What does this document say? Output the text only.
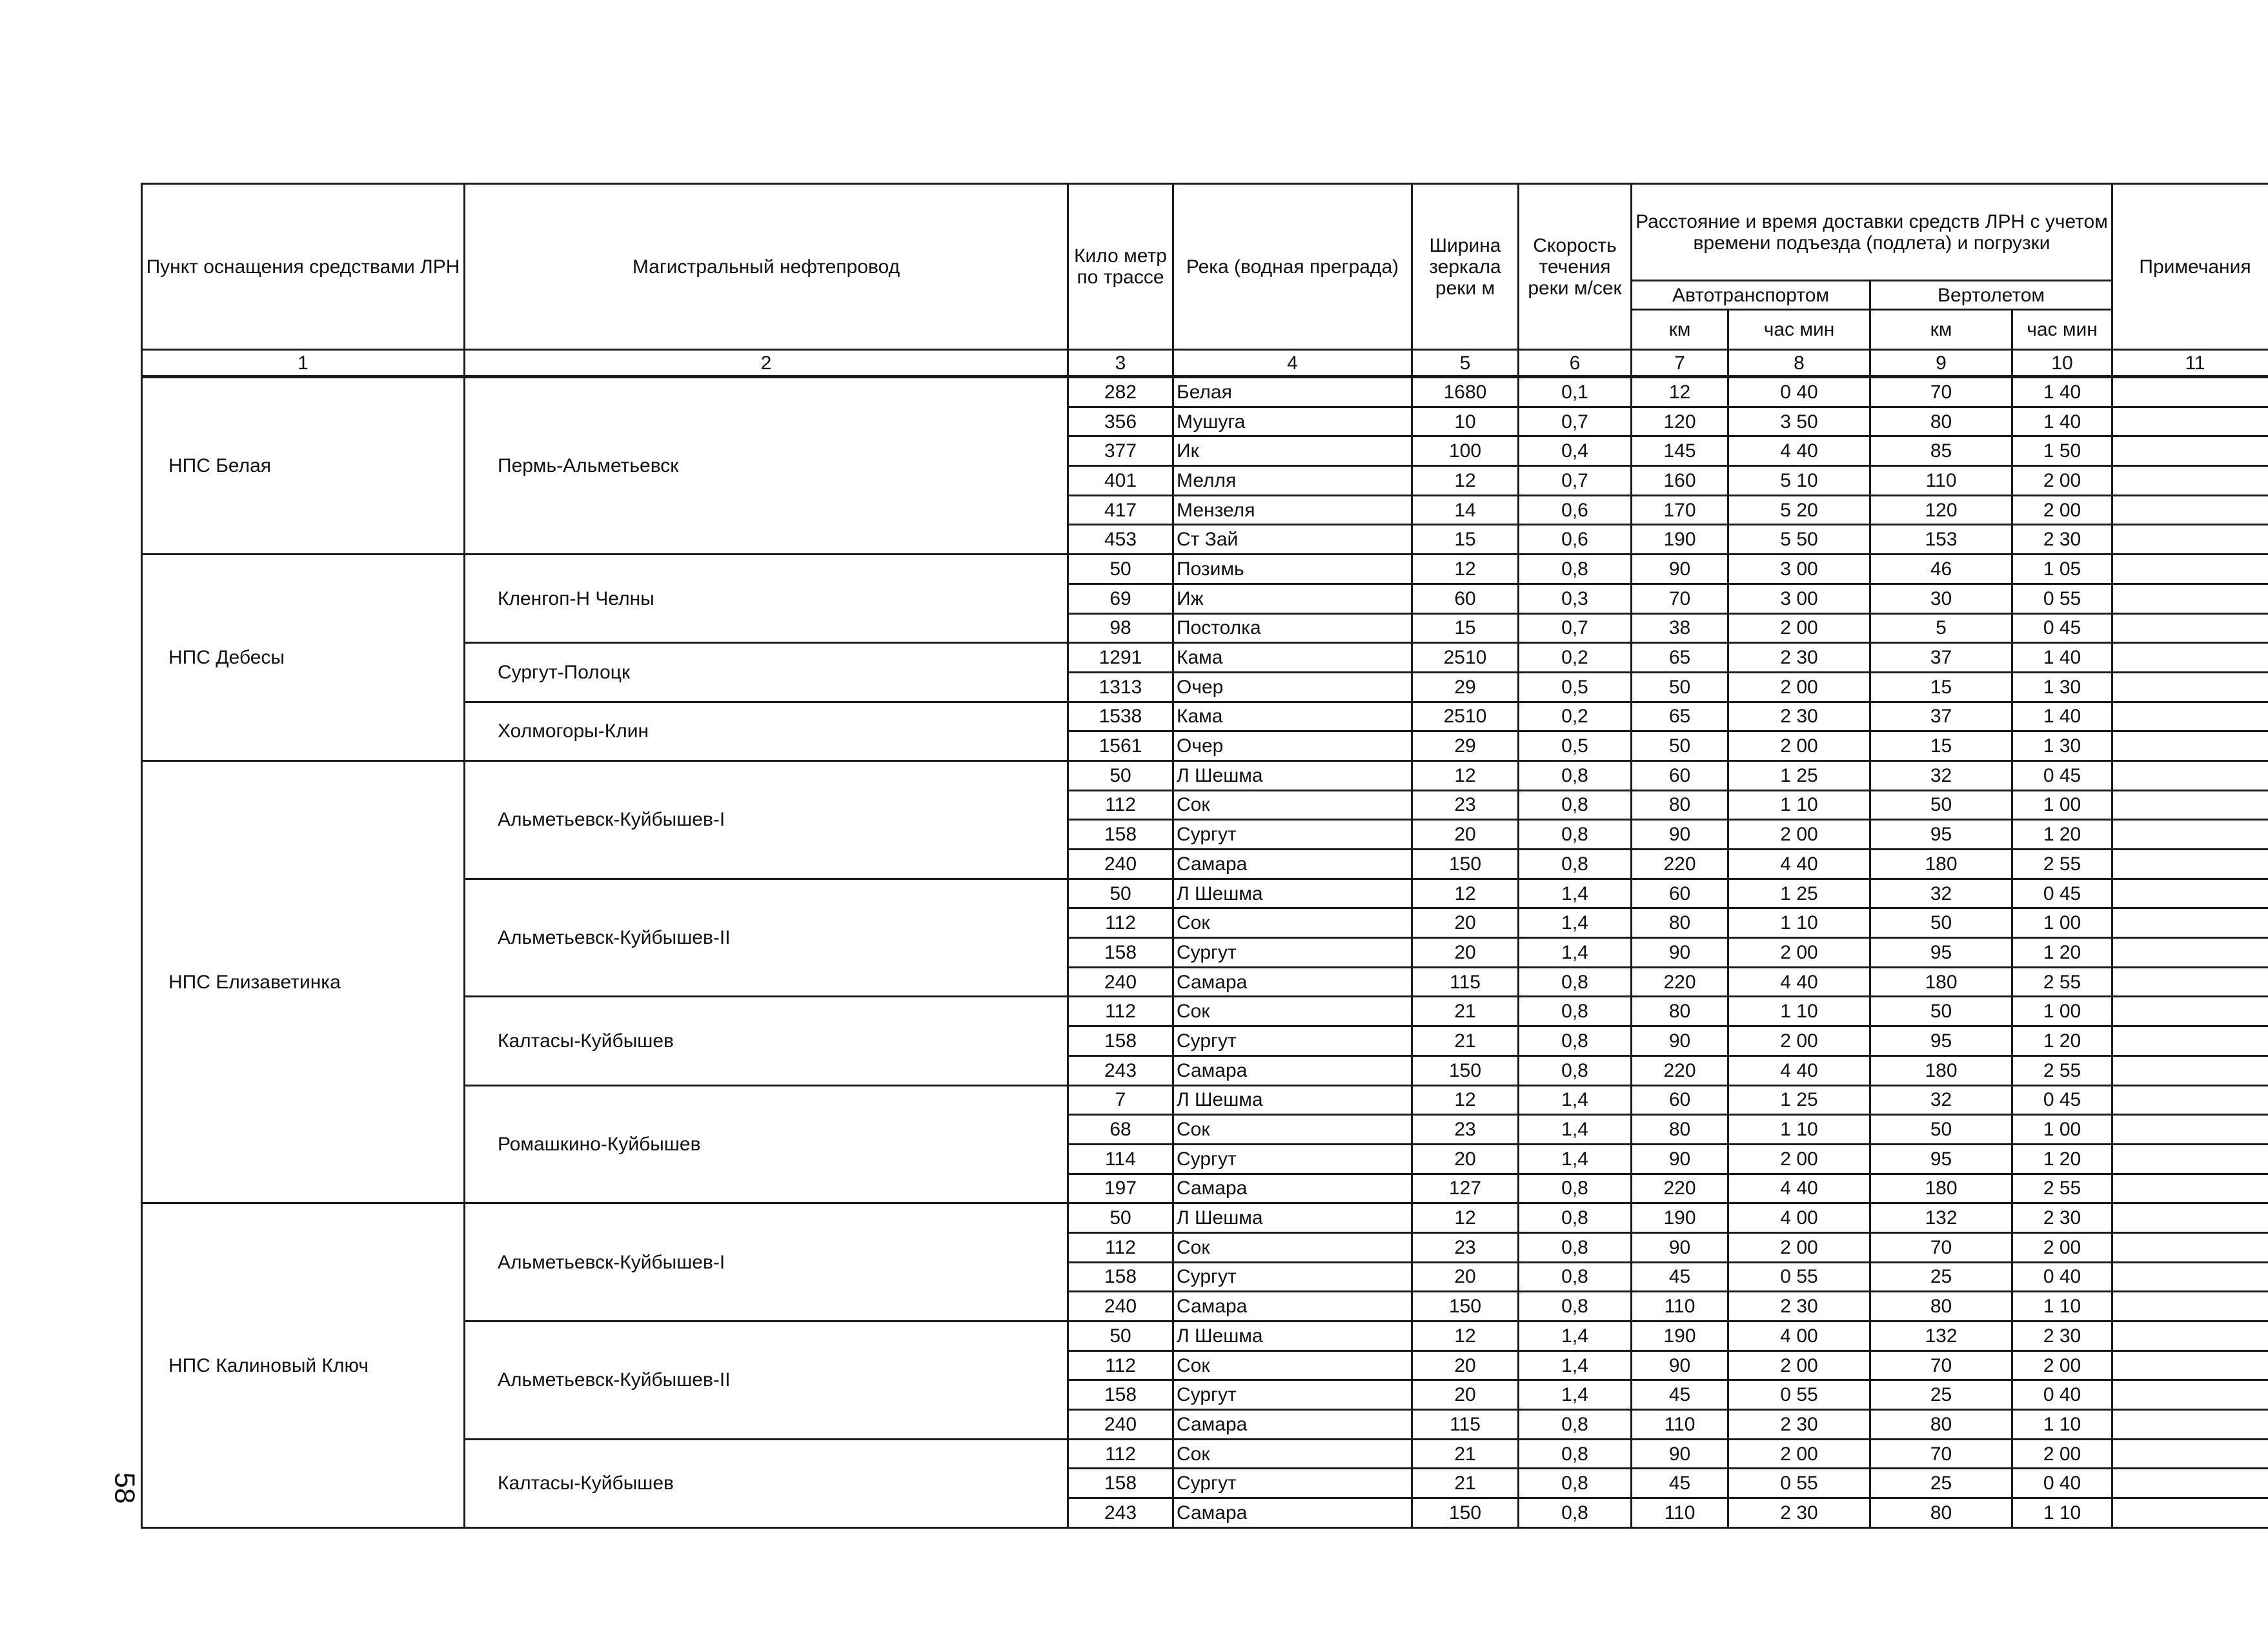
Пункт оснащения средствами ЛРН	Магистральный нефтепровод	Кило метр по трассе	Река (водная преграда)	Ширина зеркала реки м	Скорость течения реки м/сек	Расстояние и время доставки средств ЛРН с учетом времени подъезда (подлета) и погрузки				Примечания
						Автотранспортом		Вертолетом		
						км	час мин	км	час мин	
1	2	3	4	5	6	7	8	9	10	11
НПС Белая	Пермь-Альметьевск	282	Белая	1680	0,1	12	0 40	70	1 40	
		356	Мушуга	10	0,7	120	3 50	80	1 40	
		377	Ик	100	0,4	145	4 40	85	1 50	
		401	Мелля	12	0,7	160	5 10	110	2 00	
		417	Мензеля	14	0,6	170	5 20	120	2 00	
		453	Ст Зай	15	0,6	190	5 50	153	2 30	
НПС Дебесы	Кленгоп-Н Челны	50	Позимь	12	0,8	90	3 00	46	1 05	
		69	Иж	60	0,3	70	3 00	30	0 55	
		98	Постолка	15	0,7	38	2 00	5	0 45	
	Сургут-Полоцк	1291	Кама	2510	0,2	65	2 30	37	1 40	
		1313	Очер	29	0,5	50	2 00	15	1 30	
	Холмогоры-Клин	1538	Кама	2510	0,2	65	2 30	37	1 40	
		1561	Очер	29	0,5	50	2 00	15	1 30	
НПС Елизаветинка	Альметьевск-Куйбышев-I	50	Л Шешма	12	0,8	60	1 25	32	0 45	
		112	Сок	23	0,8	80	1 10	50	1 00	
		158	Сургут	20	0,8	90	2 00	95	1 20	
		240	Самара	150	0,8	220	4 40	180	2 55	
	Альметьевск-Куйбышев-II	50	Л Шешма	12	1,4	60	1 25	32	0 45	
		112	Сок	20	1,4	80	1 10	50	1 00	
		158	Сургут	20	1,4	90	2 00	95	1 20	
		240	Самара	115	0,8	220	4 40	180	2 55	
	Калтасы-Куйбышев	112	Сок	21	0,8	80	1 10	50	1 00	
		158	Сургут	21	0,8	90	2 00	95	1 20	
		243	Самара	150	0,8	220	4 40	180	2 55	
	Ромашкино-Куйбышев	7	Л Шешма	12	1,4	60	1 25	32	0 45	
		68	Сок	23	1,4	80	1 10	50	1 00	
		114	Сургут	20	1,4	90	2 00	95	1 20	
		197	Самара	127	0,8	220	4 40	180	2 55	
НПС Калиновый Ключ	Альметьевск-Куйбышев-I	50	Л Шешма	12	0,8	190	4 00	132	2 30	
		112	Сок	23	0,8	90	2 00	70	2 00	
		158	Сургут	20	0,8	45	0 55	25	0 40	
		240	Самара	150	0,8	110	2 30	80	1 10	
	Альметьевск-Куйбышев-II	50	Л Шешма	12	1,4	190	4 00	132	2 30	
		112	Сок	20	1,4	90	2 00	70	2 00	
		158	Сургут	20	1,4	45	0 55	25	0 40	
		240	Самара	115	0,8	110	2 30	80	1 10	
	Калтасы-Куйбышев	112	Сок	21	0,8	90	2 00	70	2 00	
		158	Сургут	21	0,8	45	0 55	25	0 40	
		243	Самара	150	0,8	110	2 30	80	1 10	
58
